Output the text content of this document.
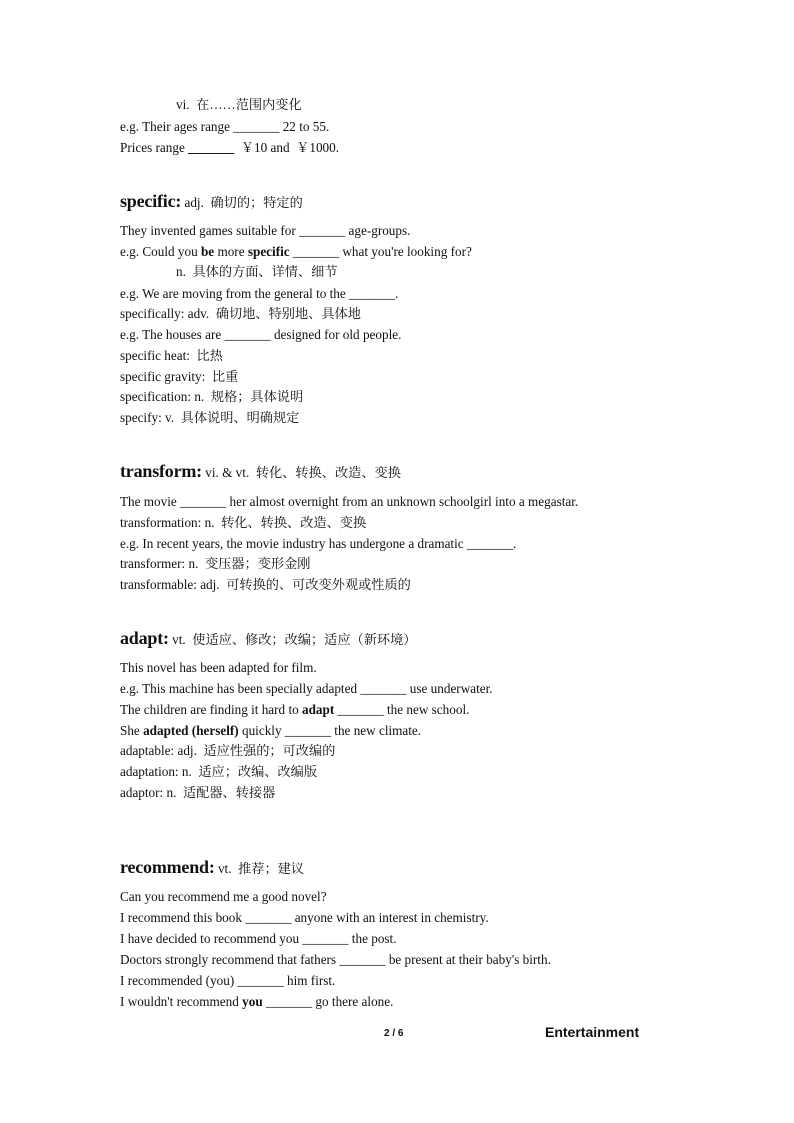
vi.  在……范围内变化
e.g. Their ages range _______ 22 to 55.
Prices range _______  ￥10 and  ￥1000.
specific: adj.  确切的；特定的
They invented games suitable for _______ age-groups.
e.g. Could you be more specific _______ what you're looking for?
n.  具体的方面、详情、细节
e.g. We are moving from the general to the _______.
specifically: adv.  确切地、特别地、具体地
e.g. The houses are _______ designed for old people.
specific heat:  比热
specific gravity:  比重
specification: n.  规格；具体说明
specify: v.  具体说明、明确规定
transform: vi. & vt.  转化、转换、改造、变换
The movie _______ her almost overnight from an unknown schoolgirl into a megastar.
transformation: n.  转化、转换、改造、变换
e.g. In recent years, the movie industry has undergone a dramatic _______.
transformer: n.  变压器；变形金刚
transformable: adj.  可转换的、可改变外观或性质的
adapt: vt.  使适应、修改；改编；适应（新环境）
This novel has been adapted for film.
e.g. This machine has been specially adapted _______ use underwater.
The children are finding it hard to adapt _______ the new school.
She adapted (herself) quickly _______ the new climate.
adaptable: adj.  适应性强的；可改编的
adaptation: n.  适应；改编、改编版
adaptor: n.  适配器、转接器
recommend: vt.  推荐；建议
Can you recommend me a good novel?
I recommend this book _______ anyone with an interest in chemistry.
I have decided to recommend you _______ the post.
Doctors strongly recommend that fathers _______ be present at their baby's birth.
I recommended (you) _______ him first.
I wouldn't recommend you _______ go there alone.
2 / 6	Entertainment
